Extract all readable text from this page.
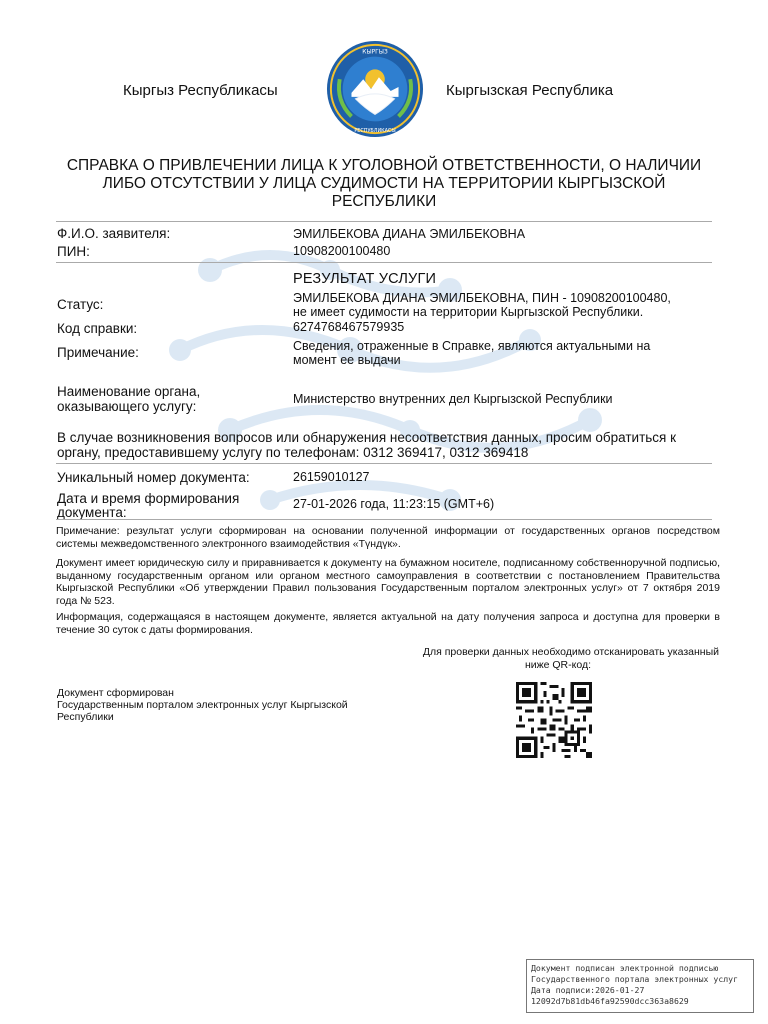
Кыргыз Республикасы	Кыргызская Республика
КЫРГЫЗ
РЕСПУБЛИКАСЫ
СПРАВКА О ПРИВЛЕЧЕНИИ ЛИЦА К УГОЛОВНОЙ ОТВЕТСТВЕННОСТИ, О НАЛИЧИИ ЛИБО ОТСУТСТВИИ У ЛИЦА СУДИМОСТИ НА ТЕРРИТОРИИ КЫРГЫЗСКОЙ РЕСПУБЛИКИ
Ф.И.О. заявителя:	ЭМИЛБЕКОВА ДИАНА ЭМИЛБЕКОВНА
ПИН:	10908200100480
РЕЗУЛЬТАТ УСЛУГИ
Статус:	ЭМИЛБЕКОВА ДИАНА ЭМИЛБЕКОВНА, ПИН - 10908200100480,
не имеет судимости на территории Кыргызской Республики.
Код справки:	6274768467579935
Примечание:	Сведения, отраженные в Справке, являются актуальными на
момент ее выдачи
Наименование органа,
оказывающего услугу:	Министерство внутренних дел Кыргызской Республики
В случае возникновения вопросов или обнаружения несоответствия данных, просим обратиться к
органу, предоставившему услугу по телефонам: 0312 369417, 0312 369418
Уникальный номер документа:	26159010127
Дата и время формирования
документа:
27-01-2026 года, 11:23:15 (GMT+6)
Примечание: результат услуги сформирован на основании полученной информации от государственных органов посредством системы межведомственного электронного взаимодействия «Түндүк».
Документ имеет юридическую силу и приравнивается к документу на бумажном носителе, подписанному собственноручной подписью, выданному государственным органом или органом местного самоуправления в соответствии с постановлением Правительства Кыргызской Республики «Об утверждении Правил пользования Государственным порталом электронных услуг» от 7 октября 2019 года № 523.
Информация, содержащаяся в настоящем документе, является актуальной на дату получения запроса и доступна для проверки в течение 30 суток с даты формирования.
Для проверки данных необходимо отсканировать указанный
ниже QR-код:
Документ сформирован
Государственным порталом электронных услуг Кыргызской
Республики
Документ подписан электронной подписью
Государственного портала электронных услуг
Дата подписи:2026-01-27
12092d7b81db46fa92590dcc363a8629
